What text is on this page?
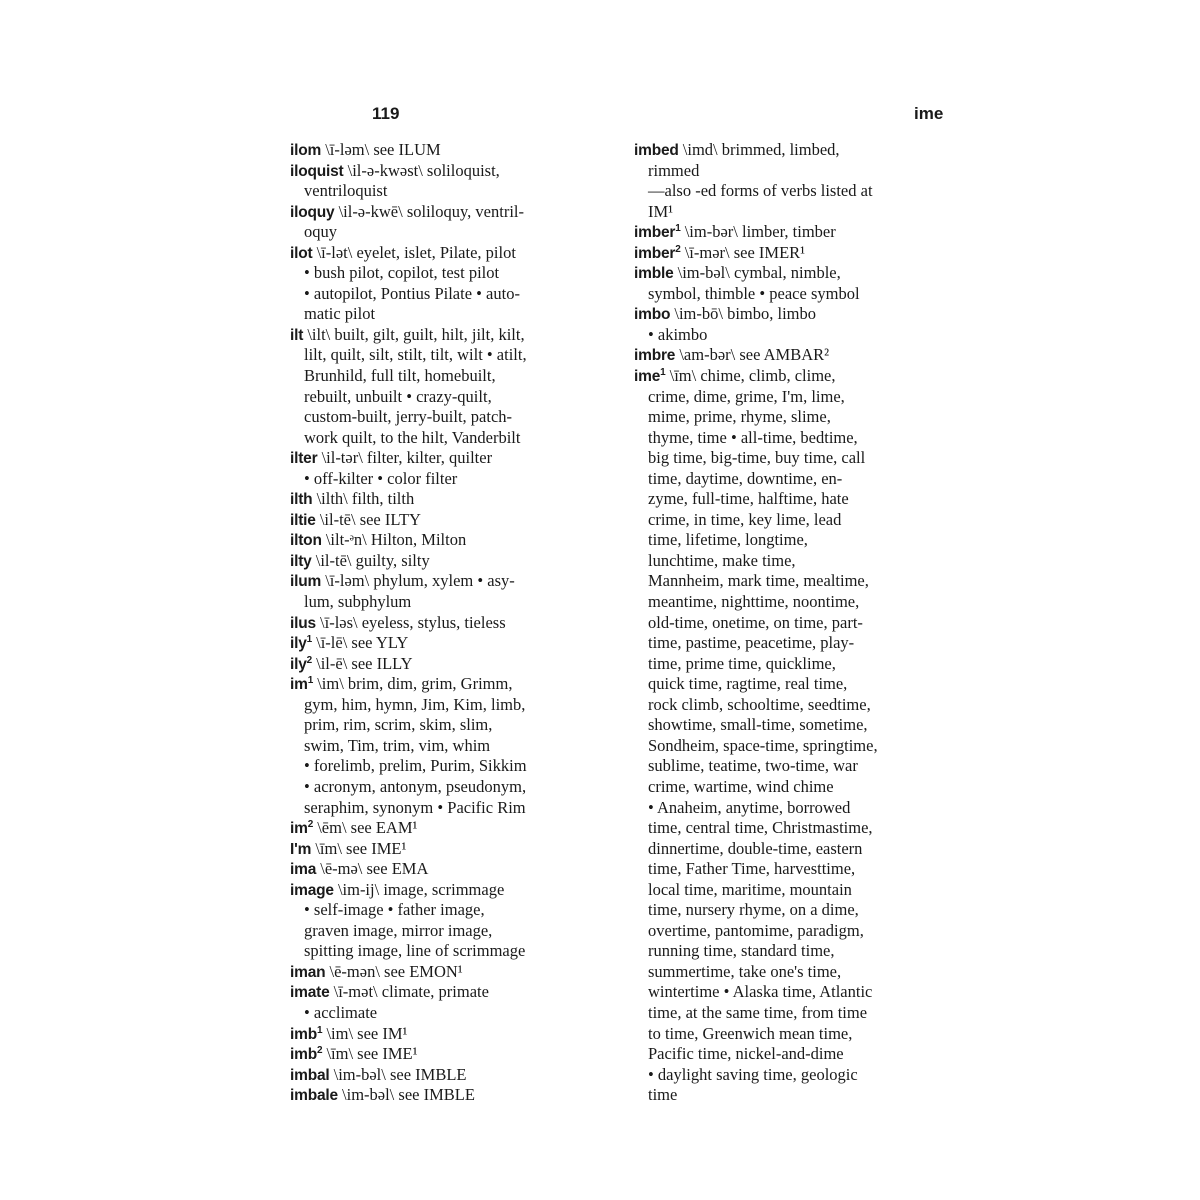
119	ime
ilom \ī-ləm\ see ILUM
iloquist \il-ə-kwəst\ soliloquist,
ventriloquist
iloquy \il-ə-kwē\ soliloquy, ventril-
oquy
ilot \ī-lət\ eyelet, islet, Pilate, pilot
• bush pilot, copilot, test pilot
• autopilot, Pontius Pilate • auto-
matic pilot
ilt \ilt\ built, gilt, guilt, hilt, jilt, kilt,
lilt, quilt, silt, stilt, tilt, wilt • atilt,
Brunhild, full tilt, homebuilt,
rebuilt, unbuilt • crazy-quilt,
custom-built, jerry-built, patch-
work quilt, to the hilt, Vanderbilt
ilter \il-tər\ filter, kilter, quilter
• off-kilter • color filter
ilth \ilth\ filth, tilth
iltie \il-tē\ see ILTY
ilton \ilt-ᵊn\ Hilton, Milton
ilty \il-tē\ guilty, silty
ilum \ī-ləm\ phylum, xylem • asy-
lum, subphylum
ilus \ī-ləs\ eyeless, stylus, tieless
ily$^1$ \ī-lē\ see YLY
ily$^2$ \il-ē\ see ILLY
$im^1$ \im\ brim, dim, grim, Grimm,
gym, him, hymn, Jim, Kim, limb,
prim, rim, scrim, skim, slim,
swim, Tim, trim, vim, whim
• forelimb, prelim, Purim, Sikkim
• acronym, antonym, pseudonym,
seraphim, synonym • Pacific Rim
$im^2$ \ēm\ see EAM¹
I'm \īm\ see IME¹
ima \ē-mə\ see EMA
image \im-ij\ image, scrimmage
• self-image • father image,
graven image, mirror image,
spitting image, line of scrimmage
iman \ē-mən\ see EMON¹
imate \ī-mət\ climate, primate
• acclimate
imb$^1$ \im\ see IM¹
imb$^2$ \īm\ see IME¹
imbal \im-bəl\ see IMBLE
imbale \im-bəl\ see IMBLE
imbed \imd\ brimmed, limbed,
rimmed
—also -ed forms of verbs listed at
IM¹
imber$^1$ \im-bər\ limber, timber
imber$^2$ \ī-mər\ see IMER¹
imble \im-bəl\ cymbal, nimble,
symbol, thimble • peace symbol
imbo \im-bō\ bimbo, limbo
• akimbo
imbre \am-bər\ see AMBAR²
ime$^1$ \īm\ chime, climb, clime,
crime, dime, grime, I'm, lime,
mime, prime, rhyme, slime,
thyme, time • all-time, bedtime,
big time, big-time, buy time, call
time, daytime, downtime, en-
zyme, full-time, halftime, hate
crime, in time, key lime, lead
time, lifetime, longtime,
lunchtime, make time,
Mannheim, mark time, mealtime,
meantime, nighttime, noontime,
old-time, onetime, on time, part-
time, pastime, peacetime, play-
time, prime time, quicklime,
quick time, ragtime, real time,
rock climb, schooltime, seedtime,
showtime, small-time, sometime,
Sondheim, space-time, springtime,
sublime, teatime, two-time, war
crime, wartime, wind chime
• Anaheim, anytime, borrowed
time, central time, Christmastime,
dinnertime, double-time, eastern
time, Father Time, harvesttime,
local time, maritime, mountain
time, nursery rhyme, on a dime,
overtime, pantomime, paradigm,
running time, standard time,
summertime, take one's time,
wintertime • Alaska time, Atlantic
time, at the same time, from time
to time, Greenwich mean time,
Pacific time, nickel-and-dime
• daylight saving time, geologic
time
